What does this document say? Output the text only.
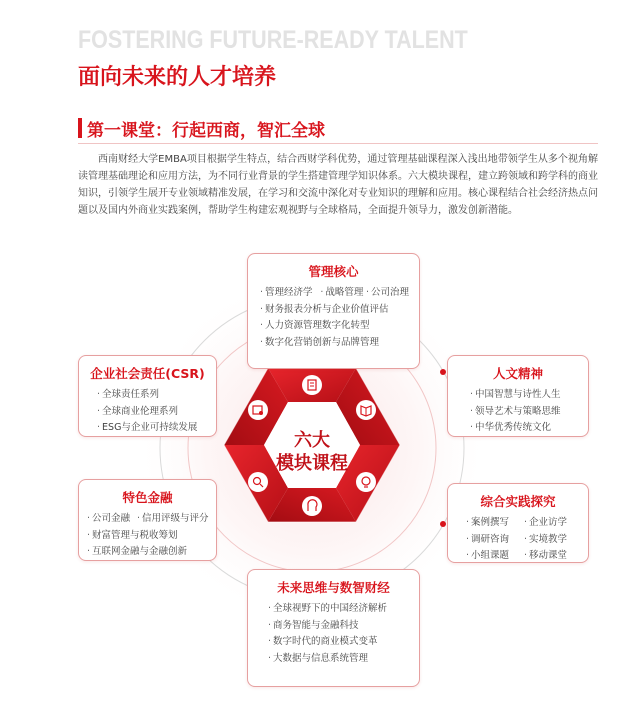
FOSTERING FUTURE-READY TALENT
面向未来的人才培养
第一课堂：行起西商，智汇全球
西南财经大学EMBA项目根据学生特点，结合西财学科优势，通过管理基础课程深入浅出地带领学生从多个视角解读管理基础理论和应用方法，为不同行业背景的学生搭建管理学知识体系。六大模块课程，建立跨领域和跨学科的商业知识，引领学生展开专业领域精准发展，在学习和交流中深化对专业知识的理解和应用。核心课程结合社会经济热点问题以及国内外商业实践案例，帮助学生构建宏观视野与全球格局，全面提升领导力，激发创新潜能。
六大
模块课程
管理核心
· 管理经济学	· 战略管理 · 公司治理
· 财务报表分析与企业价值评估
· 人力资源管理数字化转型
· 数字化营销创新与品牌管理
人文精神
· 中国智慧与诗性人生
· 领导艺术与策略思维
· 中华优秀传统文化
综合实践探究
· 案例撰写	· 企业访学
· 调研咨询	· 实境教学
· 小组课题	· 移动课堂
未来思维与数智财经
· 全球视野下的中国经济解析
· 商务智能与金融科技
· 数字时代的商业模式变革
· 大数据与信息系统管理
特色金融
· 公司金融	· 信用评级与评分
· 财富管理与税收筹划
· 互联网金融与金融创新
企业社会责任(CSR)
· 全球责任系列
· 全球商业伦理系列
· ESG与企业可持续发展
